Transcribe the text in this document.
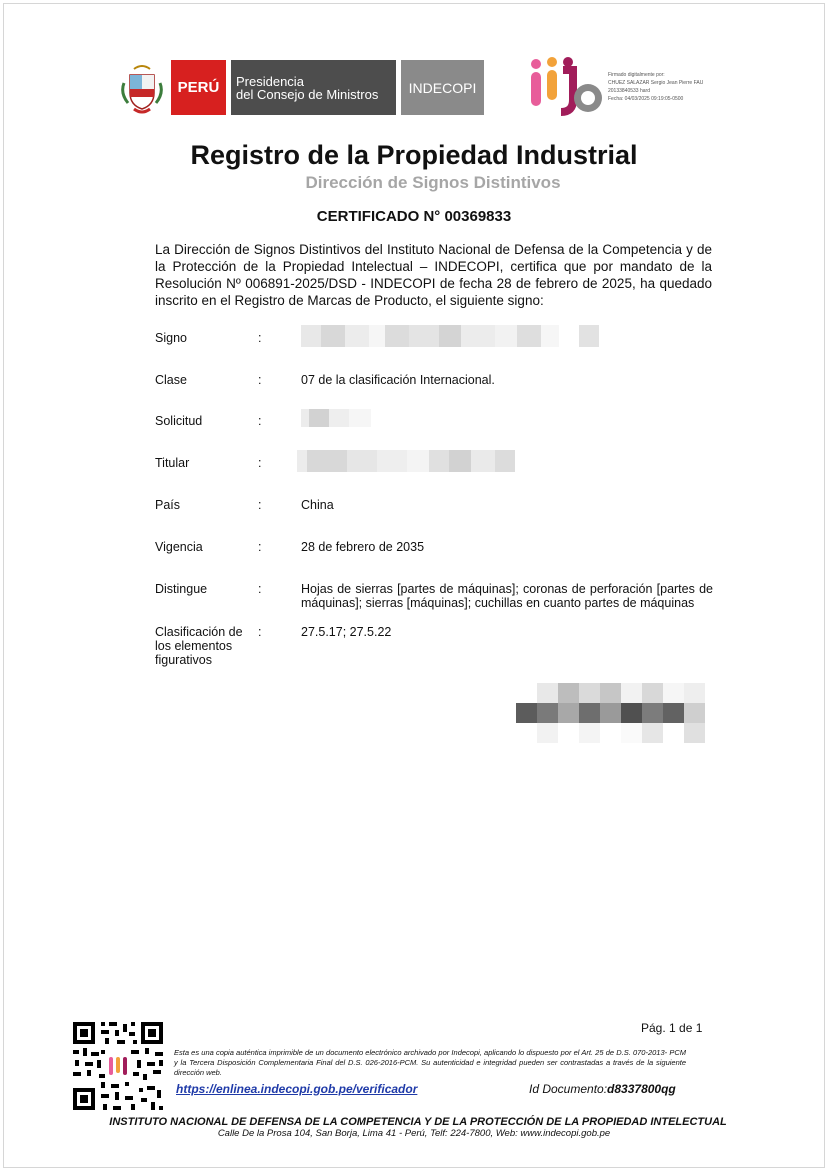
PERÚ Presidencia
del Consejo de Ministros	INDECOPI
Firmado digitalmente por:
CHUEZ SALAZAR Sergio Jean Pierre FAU
20133840533 hard
Fecha: 04/03/2025 09:19:05-0500
Registro de la Propiedad Industrial
Dirección de Signos Distintivos
CERTIFICADO N° 00369833
La Dirección de Signos Distintivos del Instituto Nacional de Defensa de la Competencia y de la Protección de la Propiedad Intelectual – INDECOPI, certifica que por mandato de la Resolución Nº 006891-2025/DSD - INDECOPI de fecha 28 de febrero de 2025, ha quedado inscrito en el Registro de Marcas de Producto, el siguiente signo:
Signo	:
Clase	:	07 de la clasificación Internacional.
Solicitud	:
Titular	:
País	:	China
Vigencia	:	28 de febrero de 2035
Distingue	:	Hojas de sierras [partes de máquinas]; coronas de perforación [partes de máquinas]; sierras [máquinas]; cuchillas en cuanto partes de máquinas
Clasificación de
los elementos
figurativos
:	27.5.17; 27.5.22
Pág. 1 de 1
Esta es una copia auténtica imprimible de un documento electrónico archivado por Indecopi, aplicando lo dispuesto por el Art. 25 de D.S. 070-2013- PCM y la Tercera Disposición Complementaria Final del D.S. 026-2016-PCM. Su autenticidad e integridad pueden ser contrastadas a través de la siguiente dirección web.
https://enlinea.indecopi.gob.pe/verificador	Id Documento:d8337800qg
INSTITUTO NACIONAL DE DEFENSA DE LA COMPETENCIA Y DE LA PROTECCIÓN DE LA PROPIEDAD INTELECTUAL
Calle De la Prosa 104, San Borja, Lima 41 - Perú, Telf: 224-7800, Web: www.indecopi.gob.pe
